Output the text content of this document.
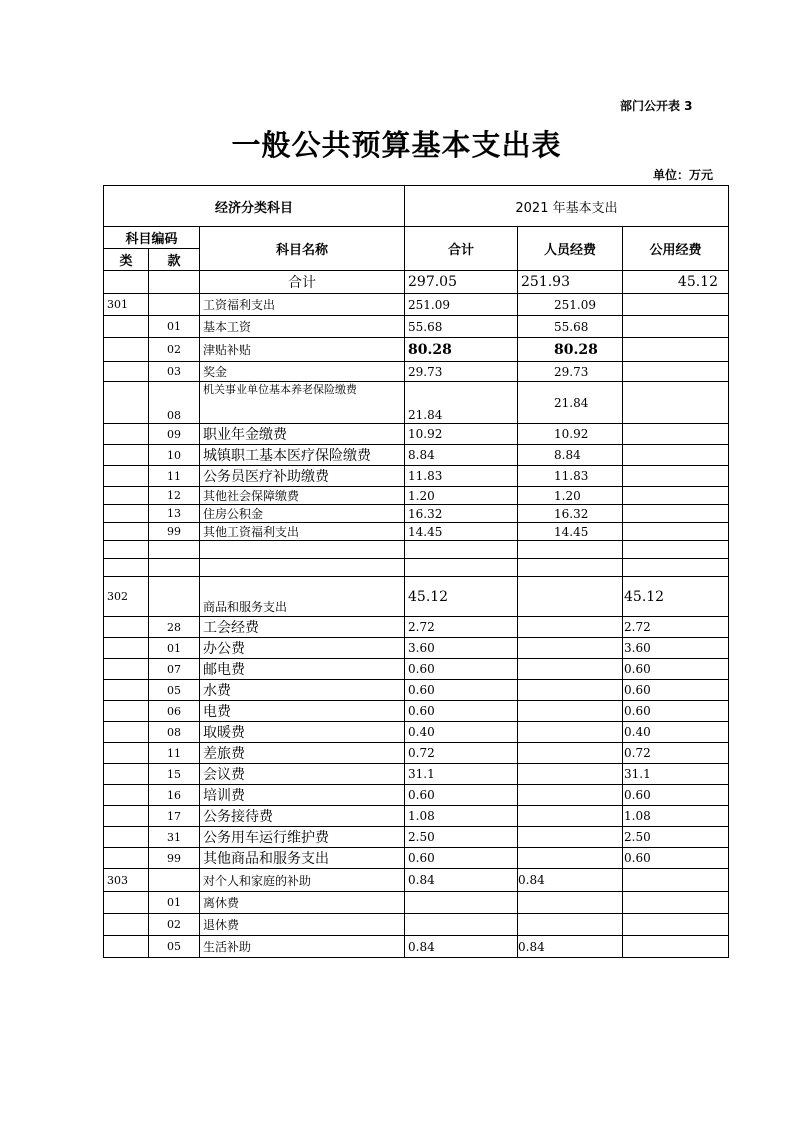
部门公开表 3
一般公共预算基本支出表
单位：万元
经济分类科目			2021 年基本支出		
科目编码		科目名称	合计	人员经费	公用经费
类	款				
		合计	297.05	251.93	45.12
301		工资福利支出	251.09	251.09	
	01	基本工资	55.68	55.68	
	02	津贴补贴	80.28	80.28	
	03	奖金	29.73	29.73	
	08	机关事业单位基本养老保险缴费	21.84	21.84	
	09	职业年金缴费	10.92	10.92	
	10	城镇职工基本医疗保险缴费	8.84	8.84	
	11	公务员医疗补助缴费	11.83	11.83	
	12	其他社会保障缴费	1.20	1.20	
	13	住房公积金	16.32	16.32	
	99	其他工资福利支出	14.45	14.45	

302		商品和服务支出	45.12		45.12
	28	工会经费	2.72		2.72
	01	办公费	3.60		3.60
	07	邮电费	0.60		0.60
	05	水费	0.60		0.60
	06	电费	0.60		0.60
	08	取暖费	0.40		0.40
	11	差旅费	0.72		0.72
	15	会议费	31.1		31.1
	16	培训费	0.60		0.60
	17	公务接待费	1.08		1.08
	31	公务用车运行维护费	2.50		2.50
	99	其他商品和服务支出	0.60		0.60
303		对个人和家庭的补助	0.84	0.84	
	01	离休费			
	02	退休费			
	05	生活补助	0.84	0.84	
